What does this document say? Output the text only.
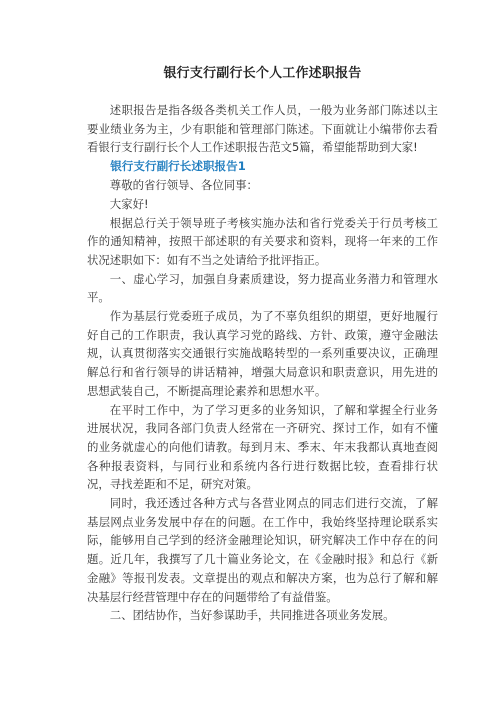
银行支行副行长个人工作述职报告

述职报告是指各级各类机关工作人员，一般为业务部门陈述以主要业绩业务为主，少有职能和管理部门陈述。下面就让小编带你去看看银行支行副行长个人工作述职报告范文5篇，希望能帮助到大家!

银行支行副行长述职报告1

尊敬的省行领导、各位同事：

大家好!

根据总行关于领导班子考核实施办法和省行党委关于行员考核工作的通知精神，按照干部述职的有关要求和资料，现将一年来的工作状况述职如下：如有不当之处请给予批评指正。

一、虚心学习，加强自身素质建设，努力提高业务潜力和管理水平。

作为基层行党委班子成员，为了不辜负组织的期望，更好地履行好自己的工作职责，我认真学习党的路线、方针、政策，遵守金融法规，认真贯彻落实交通银行实施战略转型的一系列重要决议，正确理解总行和省行领导的讲话精神，增强大局意识和职责意识，用先进的思想武装自己，不断提高理论素养和思想水平。

在平时工作中，为了学习更多的业务知识，了解和掌握全行业务进展状况，我同各部门负责人经常在一齐研究、探讨工作，如有不懂的业务就虚心的向他们请教。每到月末、季末、年末我都认真地查阅各种报表资料，与同行业和系统内各行进行数据比较，查看排行状况，寻找差距和不足，研究对策。

同时，我还透过各种方式与各营业网点的同志们进行交流，了解基层网点业务发展中存在的问题。在工作中，我始终坚持理论联系实际，能够用自己学到的经济金融理论知识，研究解决工作中存在的问题。近几年，我撰写了几十篇业务论文，在《金融时报》和总行《新金融》等报刊发表。文章提出的观点和解决方案，也为总行了解和解决基层行经营管理中存在的问题带给了有益借鉴。

二、团结协作，当好参谋助手，共同推进各项业务发展。
